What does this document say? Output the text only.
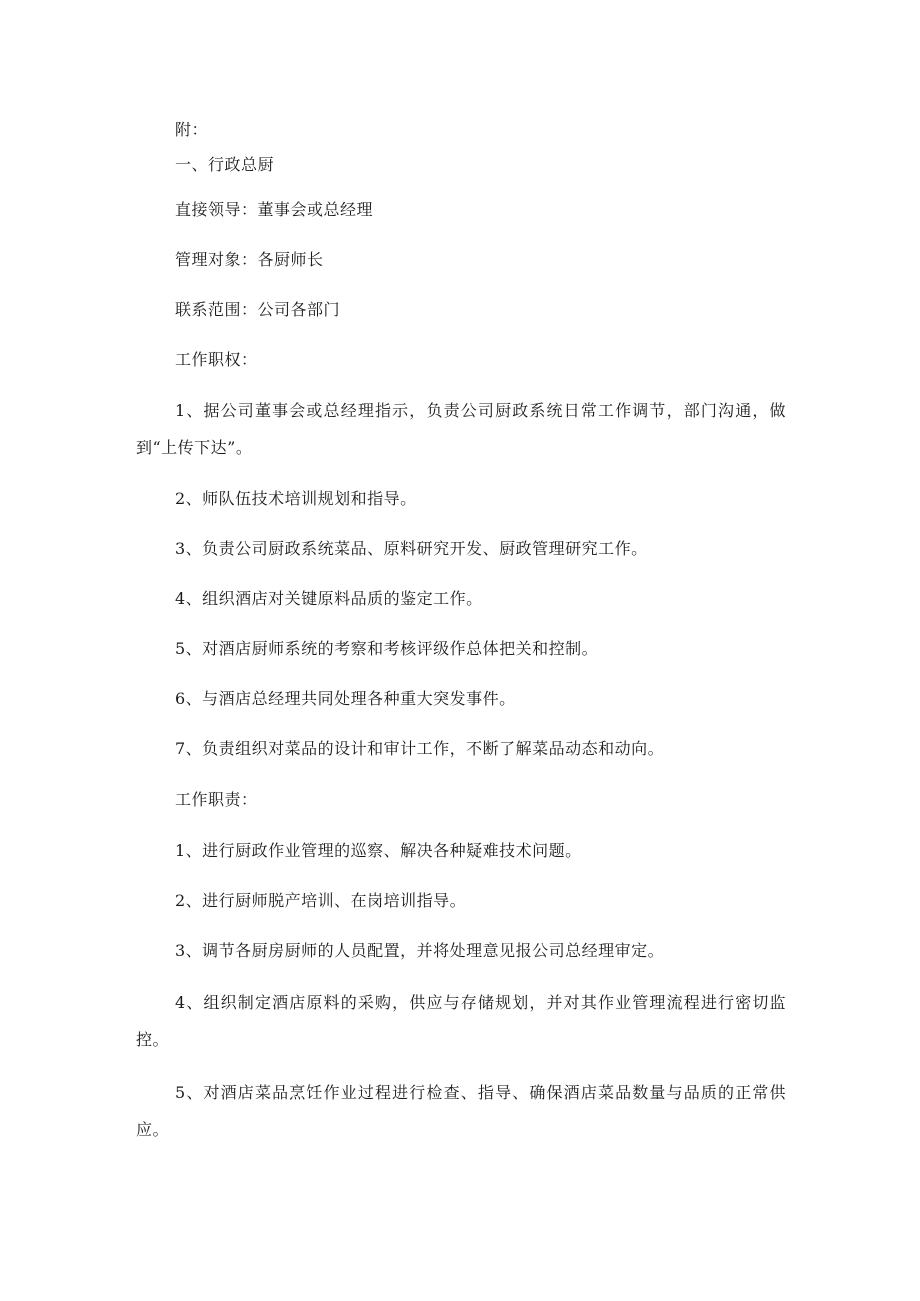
附：
一、行政总厨
直接领导：董事会或总经理
管理对象：各厨师长
联系范围：公司各部门
工作职权：
1、据公司董事会或总经理指示，负责公司厨政系统日常工作调节，部门沟通，做到“上传下达”。
2、师队伍技术培训规划和指导。
3、负责公司厨政系统菜品、原料研究开发、厨政管理研究工作。
4、组织酒店对关键原料品质的鉴定工作。
5、对酒店厨师系统的考察和考核评级作总体把关和控制。
6、与酒店总经理共同处理各种重大突发事件。
7、负责组织对菜品的设计和审计工作，不断了解菜品动态和动向。
工作职责：
1、进行厨政作业管理的巡察、解决各种疑难技术问题。
2、进行厨师脱产培训、在岗培训指导。
3、调节各厨房厨师的人员配置，并将处理意见报公司总经理审定。
4、组织制定酒店原料的采购，供应与存储规划，并对其作业管理流程进行密切监控。
5、对酒店菜品烹饪作业过程进行检查、指导、确保酒店菜品数量与品质的正常供应。
